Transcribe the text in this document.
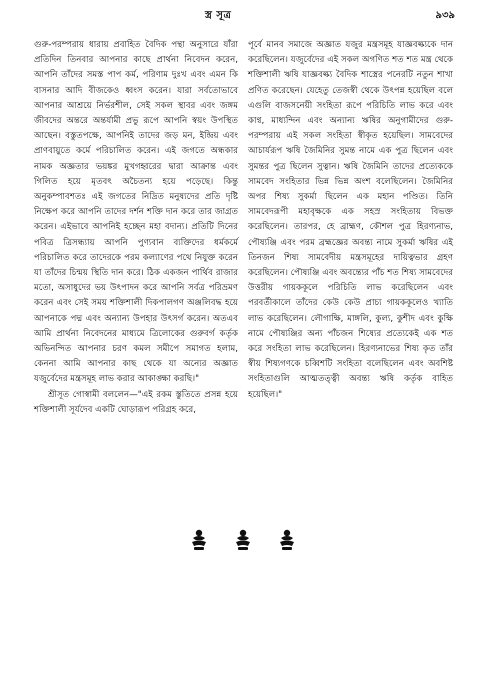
স্ত্র সূত্র	৯৩৯

গুরু-পরম্পরায় ধারায় প্রবাহিত বৈদিক পন্থা অনুসারে যাঁরা প্রতিদিন তিনবার আপনার কাছে প্রার্থনা নিবেদন করেন, আপনি তাঁদের সমস্ত পাপ কর্ম, পরিণাম দুঃখ এবং এমন কি বাসনার আদি বীজকেও ধ্বংস করেন। যারা সর্বতোভাবে আপনার আশ্রয়ে নির্ভরশীল, সেই সকল স্থাবর এবং জঙ্গম জীবদের অন্তরে অন্তর্যামী প্রভু রূপে আপনি স্বয়ং উপস্থিত আছেন। বস্তুতপক্ষে, আপনিই তাদের জড় মন, ইন্দ্রিয় এবং প্রাণবায়ুতে কর্মে পরিচালিত করেন। এই জগতে অন্ধকার নামক অজ্ঞতার ভয়ঙ্কর মুখগহ্বরের দ্বারা আক্রান্ত এবং গিলিত হয়ে মৃতবৎ অচৈতন্য হয়ে পড়েছে। কিন্তু অনুকম্পাবশতঃ এই জগতের নিদ্রিত মনুষ্যদের প্রতি দৃষ্টি নিক্ষেপ করে আপনি তাদের দর্শন শক্তি দান করে তার জাগ্রত করেন। এইভাবে আপনিই হচ্ছেন মহা বদান্য। প্রতিটি দিনের পবিত্র ত্রিসন্ধ্যায় আপনি পুণ্যবান ব্যক্তিদের ধর্মকর্মে পরিচালিত করে তাদেরকে পরম কল্যাণের পথে নিযুক্ত করেন যা তাঁদের চিন্ময় স্থিতি দান করে। ঠিক একজন পার্থিব রাজার মতো, অসাধুদের ভয় উৎপাদন করে আপনি সর্বত্র পরিভ্রমণ করেন এবং সেই সময় শক্তিশালী দিকপালগণ অঞ্জলিবদ্ধ হয়ে আপনাকে পদ্ম এবং অন্যান্য উপহার উৎসর্গ করেন। অতএব আমি প্রার্থনা নিবেদনের মাধ্যমে ত্রিলোকের গুরুবর্গ কর্তৃক অভিনন্দিত আপনার চরণ কমল সমীপে সমাগত হলাম, কেননা আমি আপনার কাছ থেকে যা অন্যের অজ্ঞাত যজুর্বেদের মন্ত্রসমূহ লাভ করার আকাঙ্ক্ষা করছি।"

শ্রীসূত গোস্বামী বললেন—"এই রকম স্তুতিতে প্রসন্ন হয়ে শক্তিশালী সূর্যদেব একটি ঘোড়ারূপ পরিগ্রহ করে,

পূর্বে মানব সমাজে অজ্ঞাত যজুর মন্ত্রসমূহ যাজ্ঞবল্ক্যকে দান করেছিলেন। যজুর্বেদের এই সকল অগণিত শত শত মন্ত্র থেকে শক্তিশালী ঋষি যাজ্ঞবল্ক্য বৈদিক শাস্ত্রের পনেরটি নতুন শাখা প্রণিত করেছেন। যেহেতু তেজস্বী থেকে উৎপন্ন হয়েছিল বলে এগুলি বাজসনেয়ী সংহিতা রূপে পরিচিতি লাভ করে এবং কাণ্ব, মাধ্যন্দিন এবং অন্যান্য ঋষির অনুগামীদের গুরু-পরম্পরায় এই সকল সংহিতা স্বীকৃত হয়েছিল। সামবেদের আচার্যরূপ ঋষি জৈমিনির সুমন্ত নামে এক পুত্র ছিলেন এবং সুমন্তর পুত্র ছিলেন সুত্বান। ঋষি জৈমিনি তাদের প্রত্যেককে সামবেদ সংহিতার ভিন্ন ভিন্ন অংশ বলেছিলেন। জৈমিনির অপর শিষ্য সুকর্মা ছিলেন এক মহান পণ্ডিত। তিনি সামবেদরূপী মহাবৃক্ষকে এক সহস্র সংহিতায় বিভক্ত করেছিলেন। তারপর, হে ব্রাহ্মণ, কৌশল পুত্র হিরণ্যনাভ, পৌষ্যঞ্জি এবং পরম ব্রহ্মজ্ঞের অবন্ত্য নামে সুকর্মা ঋষির এই তিনজন শিষ্য সামবেদীয় মন্ত্রসমূহের দায়িত্বভার গ্রহণ করেছিলেন। পৌষ্যঞ্জি এবং অবন্ত্যের পাঁচ শত শিষ্য সামবেদের উত্তরীয় গায়ককূলে পরিচিতি লাভ করেছিলেন এবং পরবর্তীকালে তাঁদের কেউ কেউ প্রাচ্য গায়ককূলেও খ্যাতি লাভ করেছিলেন। লৌগাক্ষি, মাঙ্গলি, কুল্য, কুশীদ এবং কুক্ষি নামে পৌষ্যঞ্জির অন্য পাঁচজন শিষ্যের প্রত্যেকেই এক শত করে সংহিতা লাভ করেছিলেন। হিরণ্যনাভের শিষ্য কৃত তাঁর স্বীয় শিষ্যগণকে চব্বিশটি সংহিতা বলেছিলেন এবং অবশিষ্ট সংহিতাগুলি আত্মতত্ত্বী অবন্ত্য ঋষি কর্তৃক বাহিত হয়েছিল।"
